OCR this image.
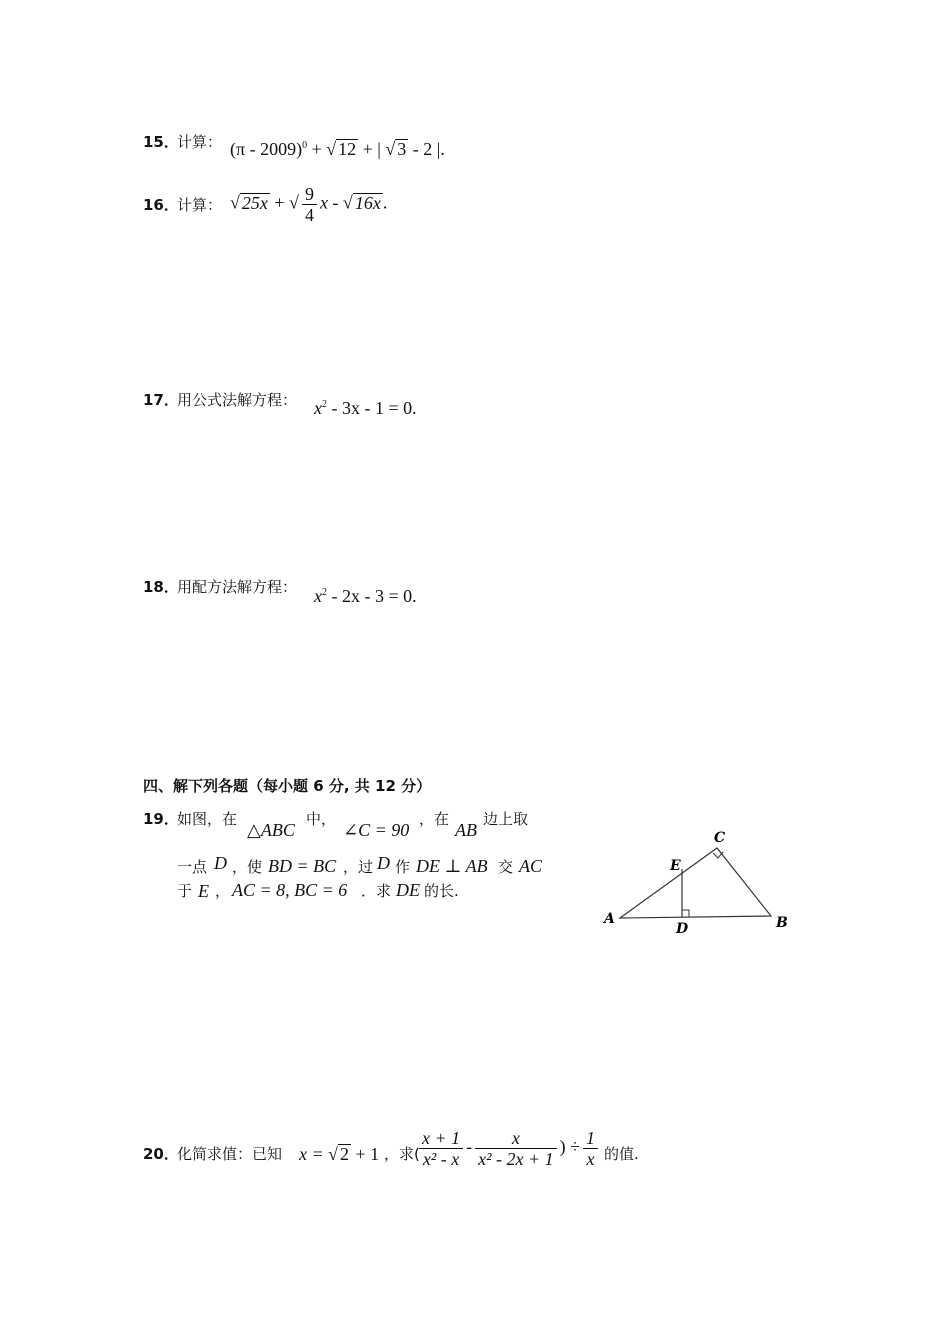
15．
计算： (π - 2009)$^0$ + √ 12 + | √ 3 - 2 |.
16．
计算： √ 25x + √ $\frac{9}{4}$ x - √ 16x .
17．
用公式法解方程： $x^2 - 3x - 1 = 0$.
18．
用配方法解方程： $x^2 - 2x - 3 = 0$.
四、解下列各题（每小题 6 分, 共 12 分）
19．
如图，在
△ABC
中，
∠C = 90
，在
AB
边上取
一点 D ，使 BD = BC ，过 D 作 DE ⊥ AB 交 AC
于 E ， AC = 8, BC = 6 ．求 DE 的长.
A	B
C
D
E
20．
化简求值：已知 x = √ 2 + 1 ，求( $\frac{x + 1}{\text{x² - x}} - \frac{x}{\text{x² - 2x + 1}}$ ) ÷ $\frac{1}{x}$ 的值.
